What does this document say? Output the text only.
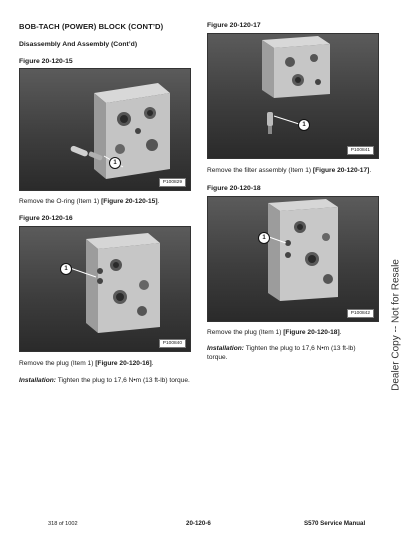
BOB-TACH (POWER) BLOCK (CONT’D)
Disassembly And Assembly (Cont’d)
Figure 20-120-15
1
P100829
Remove the O-ring (Item 1) [Figure 20-120-15].
Figure 20-120-16
1
P100840
Remove the plug (Item 1) [Figure 20-120-16].
Installation: Tighten the plug to 17,6 N•m (13 ft-lb) torque.
Figure 20-120-17
1
P100841
Remove the filter assembly (Item 1) [Figure 20-120-17].
Figure 20-120-18
1
P100842
Remove the plug (Item 1) [Figure 20-120-18].
Installation: Tighten the plug to 17,6 N•m (13 ft-lb) torque.	Dealer Copy -- Not for Resale
318 of 1002	20-120-6	S570 Service Manual
